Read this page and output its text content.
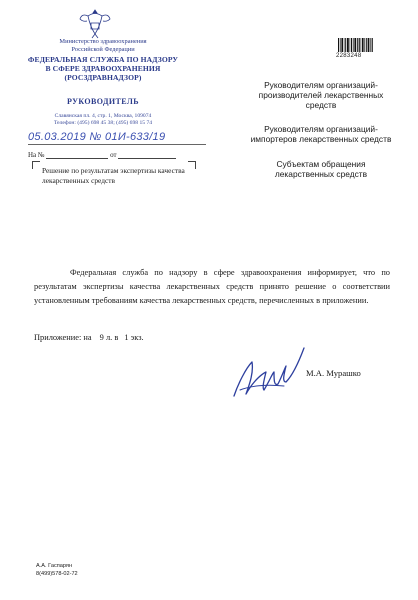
Министерство здравоохранения
Российской Федерации
ФЕДЕРАЛЬНАЯ СЛУЖБА ПО НАДЗОРУ
В СФЕРЕ ЗДРАВООХРАНЕНИЯ
(РОСЗДРАВНАДЗОР)
РУКОВОДИТЕЛЬ
Славянская пл. 4, стр. 1, Москва, 109074
Телефон: (495) 698 45 38; (495) 698 15 74
05.03.2019 № 01И-633/19
На №	от
Решение по результатам экспертизы качества лекарственных средств
2283248
Руководителям организаций-производителей лекарственных средств
Руководителям организаций-импортеров лекарственных средств
Субъектам обращения лекарственных средств

Федеральная служба по надзору в сфере здравоохранения информирует, что по результатам экспертизы качества лекарственных средств принято решение о соответствии установленным требованиям качества лекарственных средств, перечисленных в приложении.

Приложение: на 9 л. в 1 экз.
М.А. Мурашко
А.А. Гаспарян
8(499)578-02-72
